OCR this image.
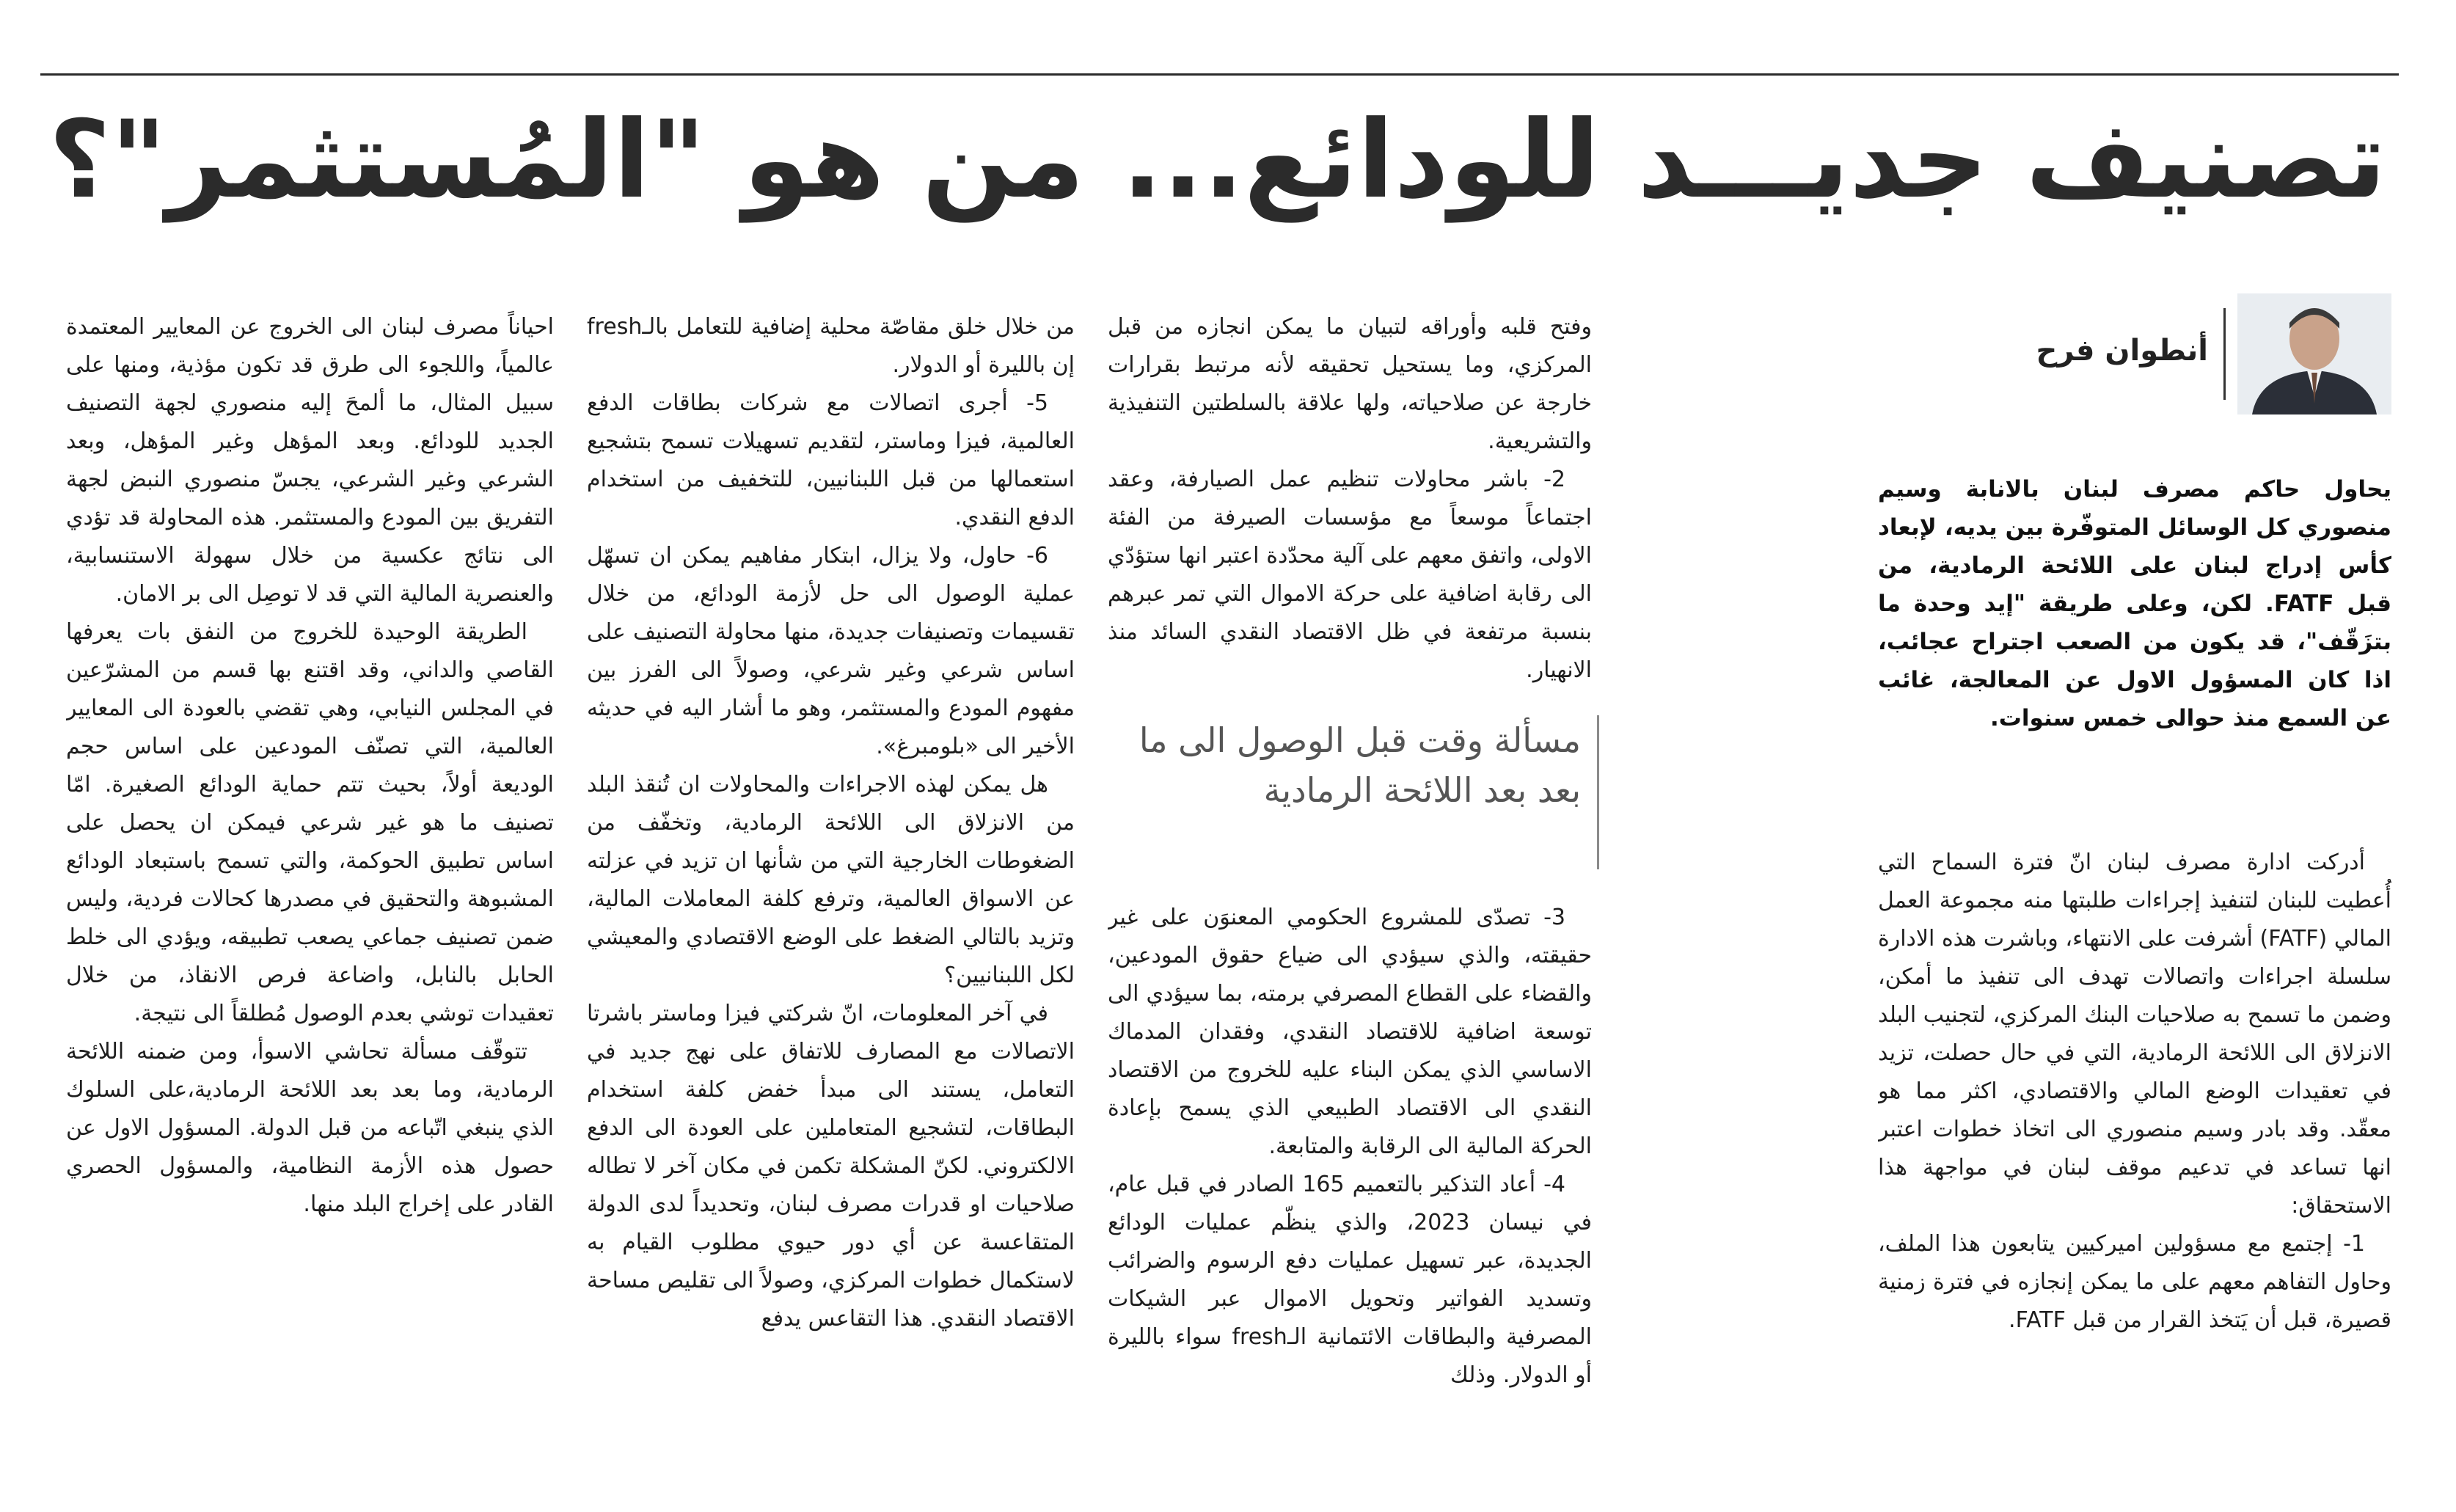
تصنيف جديـــد للودائع... من هو "المُستثمر"؟
أنطوان فرح

يحاول حاكم مصرف لبنان بالانابة وسيم منصوري كل الوسائل المتوفّرة بين يديه، لإبعاد كأس إدراج لبنان على اللائحة الرمادية، من قبل FATF. لكن، وعلى طريقة "إيد وحدة ما بتزَقّف"، قد يكون من الصعب اجتراح عجائب، اذا كان المسؤول الاول عن المعالجة، غائب عن السمع منذ حوالى خمس سنوات.

مسألة وقت قبل الوصول الى ما بعد بعد اللائحة الرمادية

أدركت ادارة مصرف لبنان انّ فترة السماح التي أُعطيت للبنان لتنفيذ إجراءات طلبتها منه مجموعة العمل المالي (FATF) أشرفت على الانتهاء، وباشرت هذه الادارة سلسلة اجراءات واتصالات تهدف الى تنفيذ ما أمكن، وضمن ما تسمح به صلاحيات البنك المركزي، لتجنيب البلد الانزلاق الى اللائحة الرمادية، التي في حال حصلت، تزيد في تعقيدات الوضع المالي والاقتصادي، اكثر مما هو معقّد. وقد بادر وسيم منصوري الى اتخاذ خطوات اعتبر انها تساعد في تدعيم موقف لبنان في مواجهة هذا الاستحقاق:

1- إجتمع مع مسؤولين اميركيين يتابعون هذا الملف، وحاول التفاهم معهم على ما يمكن إنجازه في فترة زمنية قصيرة، قبل أن يَتخذ القرار من قبل FATF.

وفتح قلبه وأوراقه لتبيان ما يمكن انجازه من قبل المركزي، وما يستحيل تحقيقه لأنه مرتبط بقرارات خارجة عن صلاحياته، ولها علاقة بالسلطتين التنفيذية والتشريعية.

2- باشر محاولات تنظيم عمل الصيارفة، وعقد اجتماعاً موسعاً مع مؤسسات الصيرفة من الفئة الاولى، واتفق معهم على آلية محدّدة اعتبر انها ستؤدّي الى رقابة اضافية على حركة الاموال التي تمر عبرهم بنسبة مرتفعة في ظل الاقتصاد النقدي السائد منذ الانهيار.

3- تصدّى للمشروع الحكومي المعنوَن على غير حقيقته، والذي سيؤدي الى ضياع حقوق المودعين، والقضاء على القطاع المصرفي برمته، بما سيؤدي الى توسعة اضافية للاقتصاد النقدي، وفقدان المدماك الاساسي الذي يمكن البناء عليه للخروج من الاقتصاد النقدي الى الاقتصاد الطبيعي الذي يسمح بإعادة الحركة المالية الى الرقابة والمتابعة.

4- أعاد التذكير بالتعميم 165 الصادر في قبل عام، في نيسان 2023، والذي ينظّم عمليات الودائع الجديدة، عبر تسهيل عمليات دفع الرسوم والضرائب وتسديد الفواتير وتحويل الاموال عبر الشيكات المصرفية والبطاقات الائتمانية الـfresh سواء بالليرة أو الدولار. وذلك

من خلال خلق مقاصّة محلية إضافية للتعامل بالـfresh إن بالليرة أو الدولار.

5- أجرى اتصالات مع شركات بطاقات الدفع العالمية، فيزا وماستر، لتقديم تسهيلات تسمح بتشجيع استعمالها من قبل اللبنانيين، للتخفيف من استخدام الدفع النقدي.

6- حاول، ولا يزال، ابتكار مفاهيم يمكن ان تسهّل عملية الوصول الى حل لأزمة الودائع، من خلال تقسيمات وتصنيفات جديدة، منها محاولة التصنيف على اساس شرعي وغير شرعي، وصولاً الى الفرز بين مفهوم المودع والمستثمر، وهو ما أشار اليه في حديثه الأخير الى «بلومبرغ».

هل يمكن لهذه الاجراءات والمحاولات ان تُنقذ البلد من الانزلاق الى اللائحة الرمادية، وتخفّف من الضغوطات الخارجية التي من شأنها ان تزيد في عزلته عن الاسواق العالمية، وترفع كلفة المعاملات المالية، وتزيد بالتالي الضغط على الوضع الاقتصادي والمعيشي لكل اللبنانيين؟

في آخر المعلومات، انّ شركتي فيزا وماستر باشرتا الاتصالات مع المصارف للاتفاق على نهج جديد في التعامل، يستند الى مبدأ خفض كلفة استخدام البطاقات، لتشجيع المتعاملين على العودة الى الدفع الالكتروني. لكنّ المشكلة تكمن في مكان آخر لا تطاله صلاحيات او قدرات مصرف لبنان، وتحديداً لدى الدولة المتقاعسة عن أي دور حيوي مطلوب القيام به لاستكمال خطوات المركزي، وصولاً الى تقليص مساحة الاقتصاد النقدي. هذا التقاعس يدفع

احياناً مصرف لبنان الى الخروج عن المعايير المعتمدة عالمياً، واللجوء الى طرق قد تكون مؤذية، ومنها على سبيل المثال، ما ألمحَ إليه منصوري لجهة التصنيف الجديد للودائع. وبعد المؤهل وغير المؤهل، وبعد الشرعي وغير الشرعي، يجسّ منصوري النبض لجهة التفريق بين المودع والمستثمر. هذه المحاولة قد تؤدي الى نتائج عكسية من خلال سهولة الاستنسابية، والعنصرية المالية التي قد لا توصِل الى بر الامان.

الطريقة الوحيدة للخروج من النفق بات يعرفها القاصي والداني، وقد اقتنع بها قسم من المشرّعين في المجلس النيابي، وهي تقضي بالعودة الى المعايير العالمية، التي تصنّف المودعين على اساس حجم الوديعة أولاً، بحيث تتم حماية الودائع الصغيرة. امّا تصنيف ما هو غير شرعي فيمكن ان يحصل على اساس تطبيق الحوكمة، والتي تسمح باستبعاد الودائع المشبوهة والتحقيق في مصدرها كحالات فردية، وليس ضمن تصنيف جماعي يصعب تطبيقه، ويؤدي الى خلط الحابل بالنابل، واضاعة فرص الانقاذ، من خلال تعقيدات توشي بعدم الوصول مُطلقاً الى نتيجة.

تتوقّف مسألة تحاشي الاسوأ، ومن ضمنه اللائحة الرمادية، وما بعد بعد اللائحة الرمادية،على السلوك الذي ينبغي اتّباعه من قبل الدولة. المسؤول الاول عن حصول هذه الأزمة النظامية، والمسؤول الحصري القادر على إخراج البلد منها.
